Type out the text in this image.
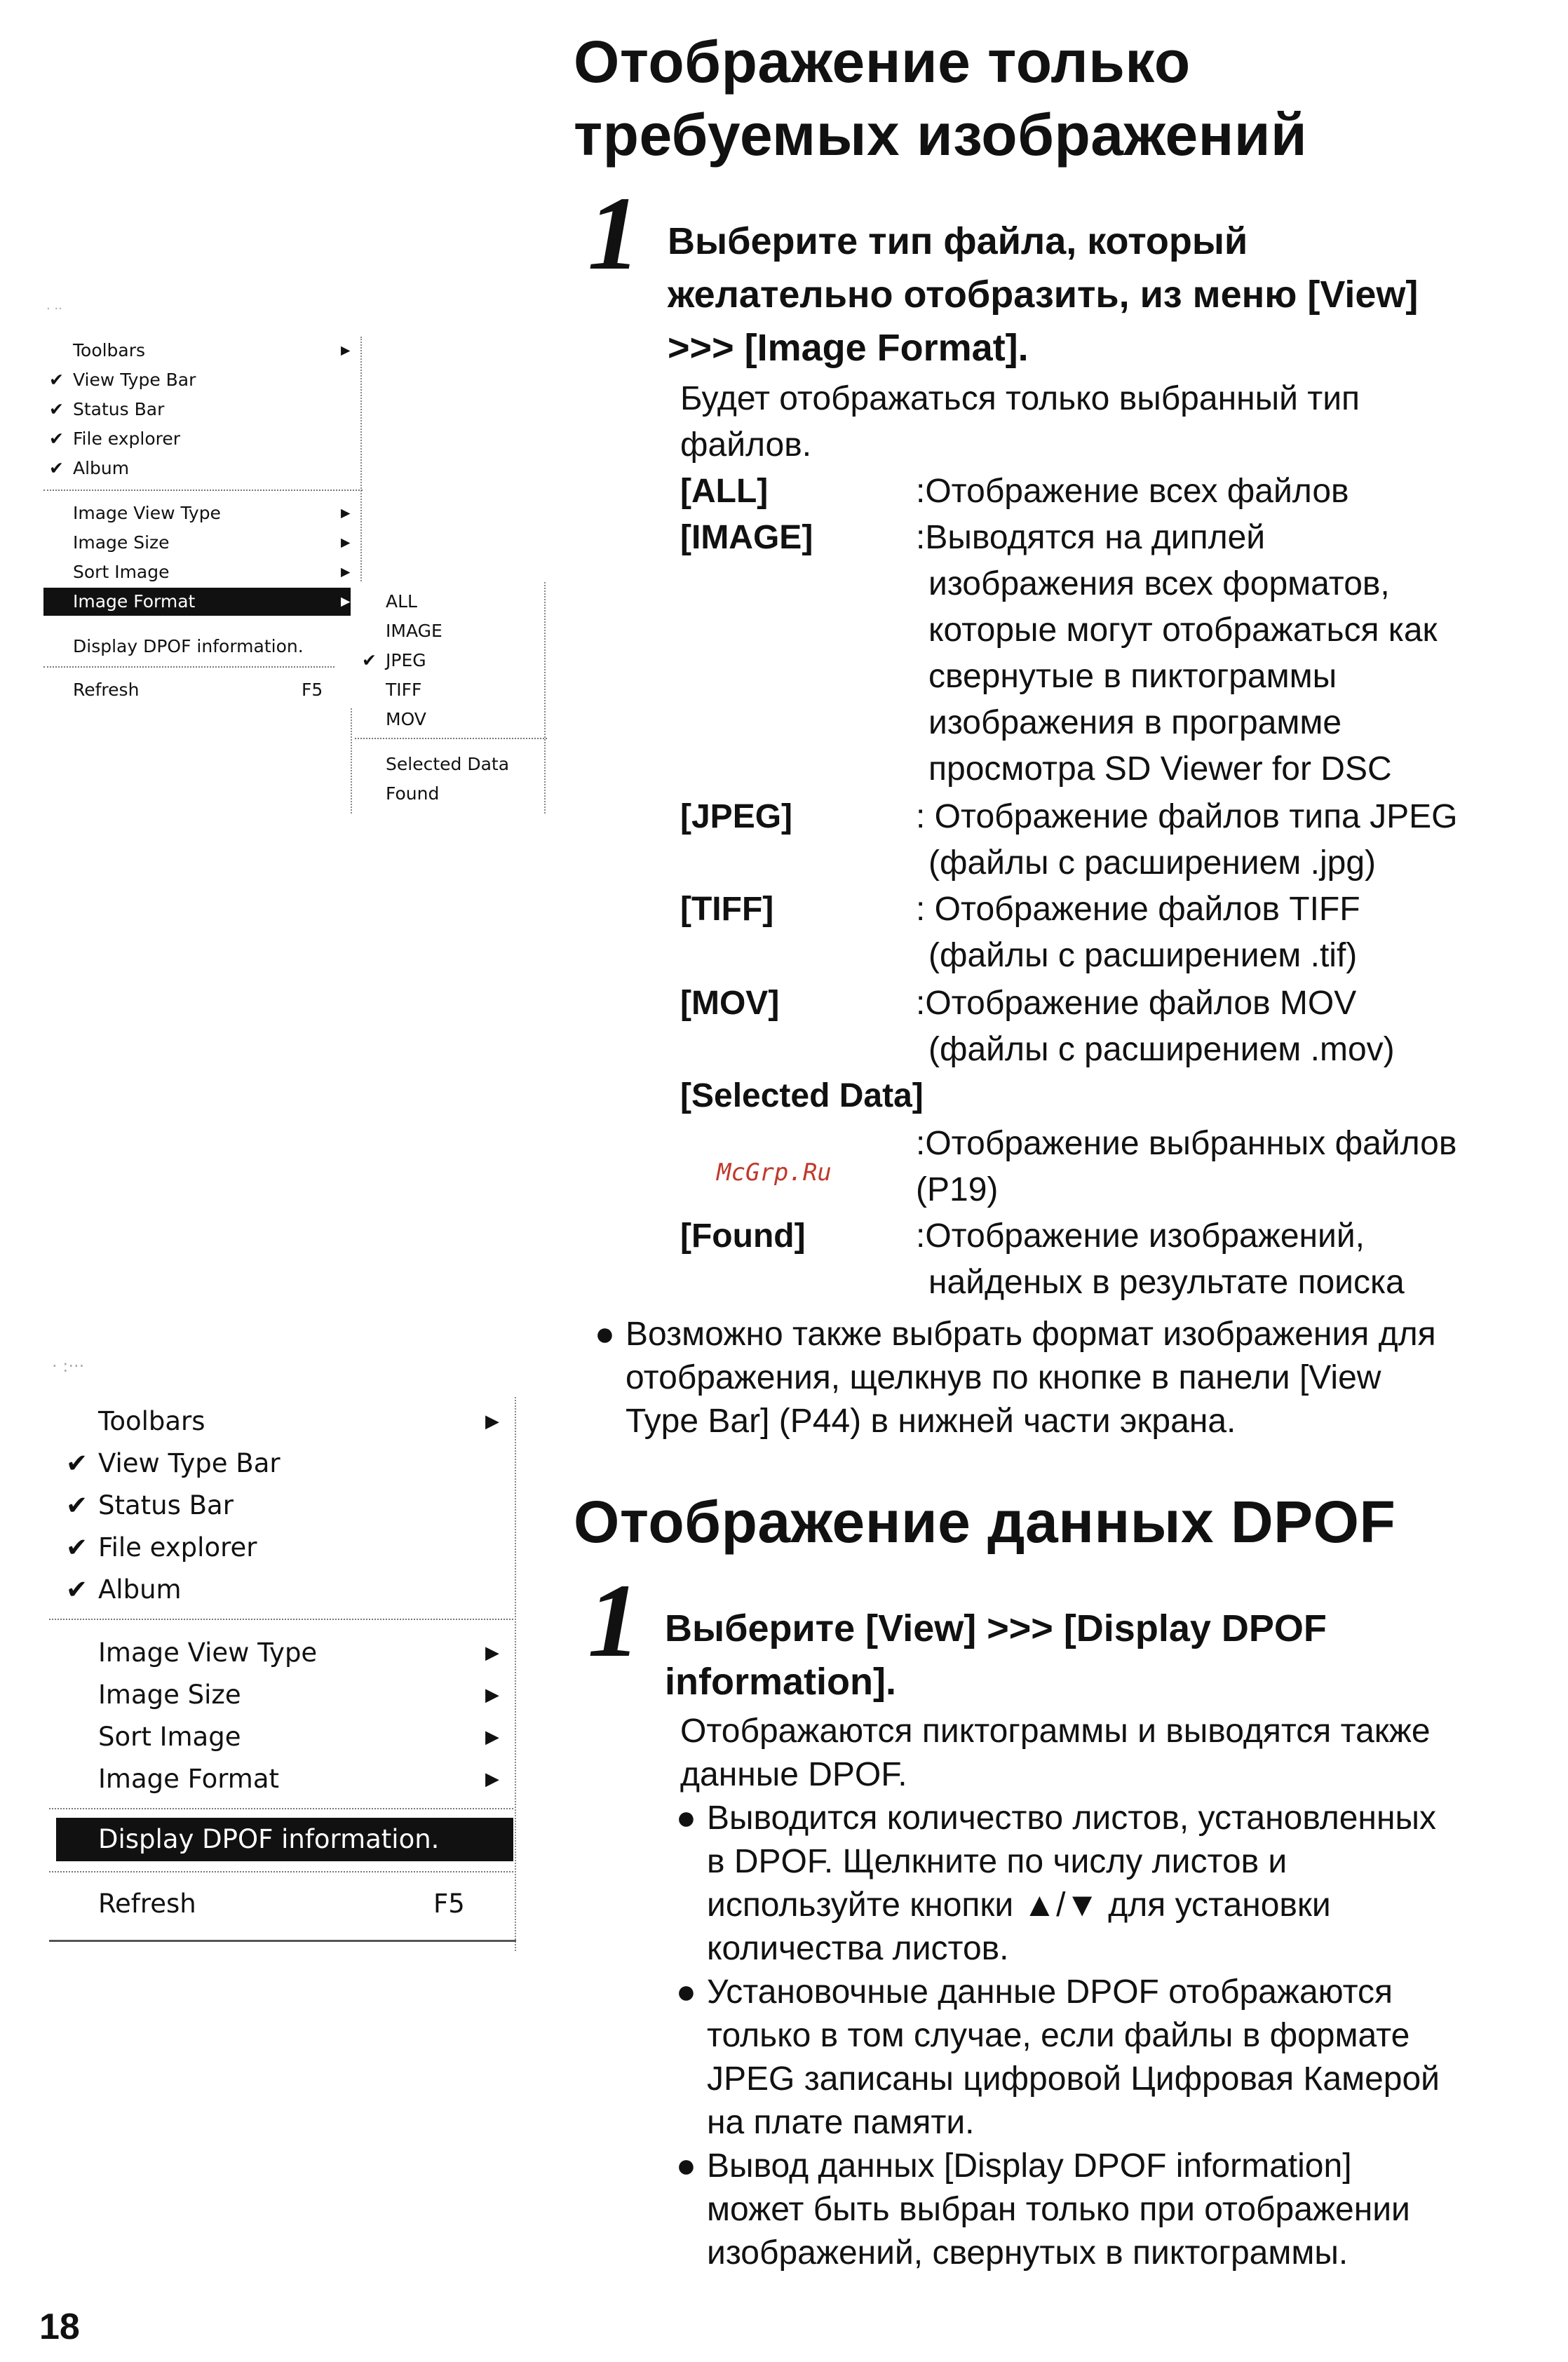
Отображение только
требуемых изображений
1 Выберите тип файла, который
желательно отобразить, из меню [View]
>>> [Image Format].
Будет отображаться только выбранный тип
файлов.
[ALL]	:Отображение всех файлов
[IMAGE]	:Выводятся на диплей
изображения всех форматов,
которые могут отображаться как
свернутые в пиктограммы
изображения в программе
просмотра SD Viewer for DSC
[JPEG]	: Отображение файлов типа JPEG
(файлы с расширением .jpg)
[TIFF]	: Отображение файлов TIFF
(файлы с расширением .tif)
[MOV]	:Отображение файлов MOV
(файлы с расширением .mov)
[Selected Data]
:Отображение выбранных файлов
(P19)
McGrp.Ru
[Found]	:Отображение изображений,
найденых в результате поиска
● Возможно также выбрать формат изображения для
отображения, щелкнув по кнопке в панели [View
Type Bar] (P44) в нижней части экрана.
Отображение данных DPOF
1 Выберите [View] >>> [Display DPOF
information].
Отображаются пиктограммы и выводятся также
данные DPOF.
● Выводится количество листов, установленных
в DPOF. Щелкните по числу листов и
используйте кнопки ▲/▼ для установки
количества листов.
● Установочные данные DPOF отображаются
только в том случае, если файлы в формате
JPEG записаны цифровой Цифровая Камерой
на плате памяти.
● Вывод данных [Display DPOF information]
может быть выбран только при отображении
изображений, свернутых в пиктограммы.
18
· ··
Toolbars	▶
✔ View Type Bar
✔ Status Bar
✔ File explorer
✔ Album
Image View Type	▶
Image Size	▶
Sort Image	▶
Image Format	▶
Display DPOF information.
Refresh	F5
ALL
IMAGE
✔ JPEG
TIFF
MOV
Selected Data
Found
· :···
Toolbars	▶
✔ View Type Bar
✔ Status Bar
✔ File explorer
✔ Album
Image View Type	▶
Image Size	▶
Sort Image	▶
Image Format	▶
Display DPOF information.
Refresh	F5
